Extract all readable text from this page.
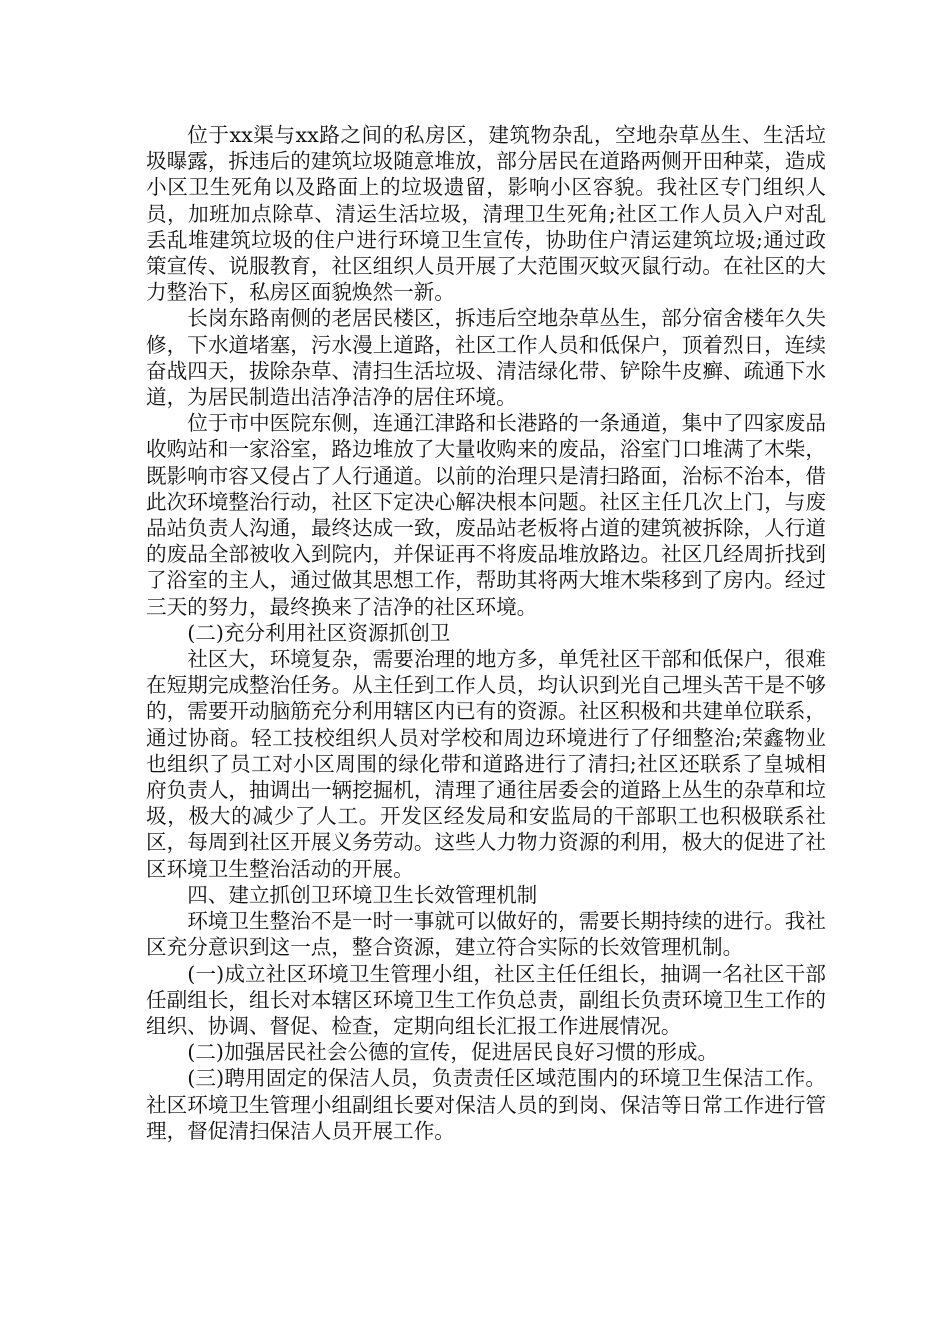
位于xx渠与xx路之间的私房区，建筑物杂乱，空地杂草丛生、生活垃圾曝露，拆违后的建筑垃圾随意堆放，部分居民在道路两侧开田种菜，造成小区卫生死角以及路面上的垃圾遗留，影响小区容貌。我社区专门组织人员，加班加点除草、清运生活垃圾，清理卫生死角;社区工作人员入户对乱丢乱堆建筑垃圾的住户进行环境卫生宣传，协助住户清运建筑垃圾;通过政策宣传、说服教育，社区组织人员开展了大范围灭蚊灭鼠行动。在社区的大力整治下，私房区面貌焕然一新。

长岗东路南侧的老居民楼区，拆违后空地杂草丛生，部分宿舍楼年久失修，下水道堵塞，污水漫上道路，社区工作人员和低保户，顶着烈日，连续奋战四天，拔除杂草、清扫生活垃圾、清洁绿化带、铲除牛皮癣、疏通下水道，为居民制造出洁净洁净的居住环境。

位于市中医院东侧，连通江津路和长港路的一条通道，集中了四家废品收购站和一家浴室，路边堆放了大量收购来的废品，浴室门口堆满了木柴，既影响市容又侵占了人行通道。以前的治理只是清扫路面，治标不治本，借此次环境整治行动，社区下定决心解决根本问题。社区主任几次上门，与废品站负责人沟通，最终达成一致，废品站老板将占道的建筑被拆除，人行道的废品全部被收入到院内，并保证再不将废品堆放路边。社区几经周折找到了浴室的主人，通过做其思想工作，帮助其将两大堆木柴移到了房内。经过三天的努力，最终换来了洁净的社区环境。

(二)充分利用社区资源抓创卫

社区大，环境复杂，需要治理的地方多，单凭社区干部和低保户，很难在短期完成整治任务。从主任到工作人员，均认识到光自己埋头苦干是不够的，需要开动脑筋充分利用辖区内已有的资源。社区积极和共建单位联系，通过协商。轻工技校组织人员对学校和周边环境进行了仔细整治;荣鑫物业也组织了员工对小区周围的绿化带和道路进行了清扫;社区还联系了皇城相府负责人，抽调出一辆挖掘机，清理了通往居委会的道路上丛生的杂草和垃圾，极大的减少了人工。开发区经发局和安监局的干部职工也积极联系社区，每周到社区开展义务劳动。这些人力物力资源的利用，极大的促进了社区环境卫生整治活动的开展。

四、建立抓创卫环境卫生长效管理机制

环境卫生整治不是一时一事就可以做好的，需要长期持续的进行。我社区充分意识到这一点，整合资源，建立符合实际的长效管理机制。

(一)成立社区环境卫生管理小组，社区主任任组长，抽调一名社区干部任副组长，组长对本辖区环境卫生工作负总责，副组长负责环境卫生工作的组织、协调、督促、检查，定期向组长汇报工作进展情况。

(二)加强居民社会公德的宣传，促进居民良好习惯的形成。

(三)聘用固定的保洁人员，负责责任区域范围内的环境卫生保洁工作。社区环境卫生管理小组副组长要对保洁人员的到岗、保洁等日常工作进行管理，督促清扫保洁人员开展工作。
